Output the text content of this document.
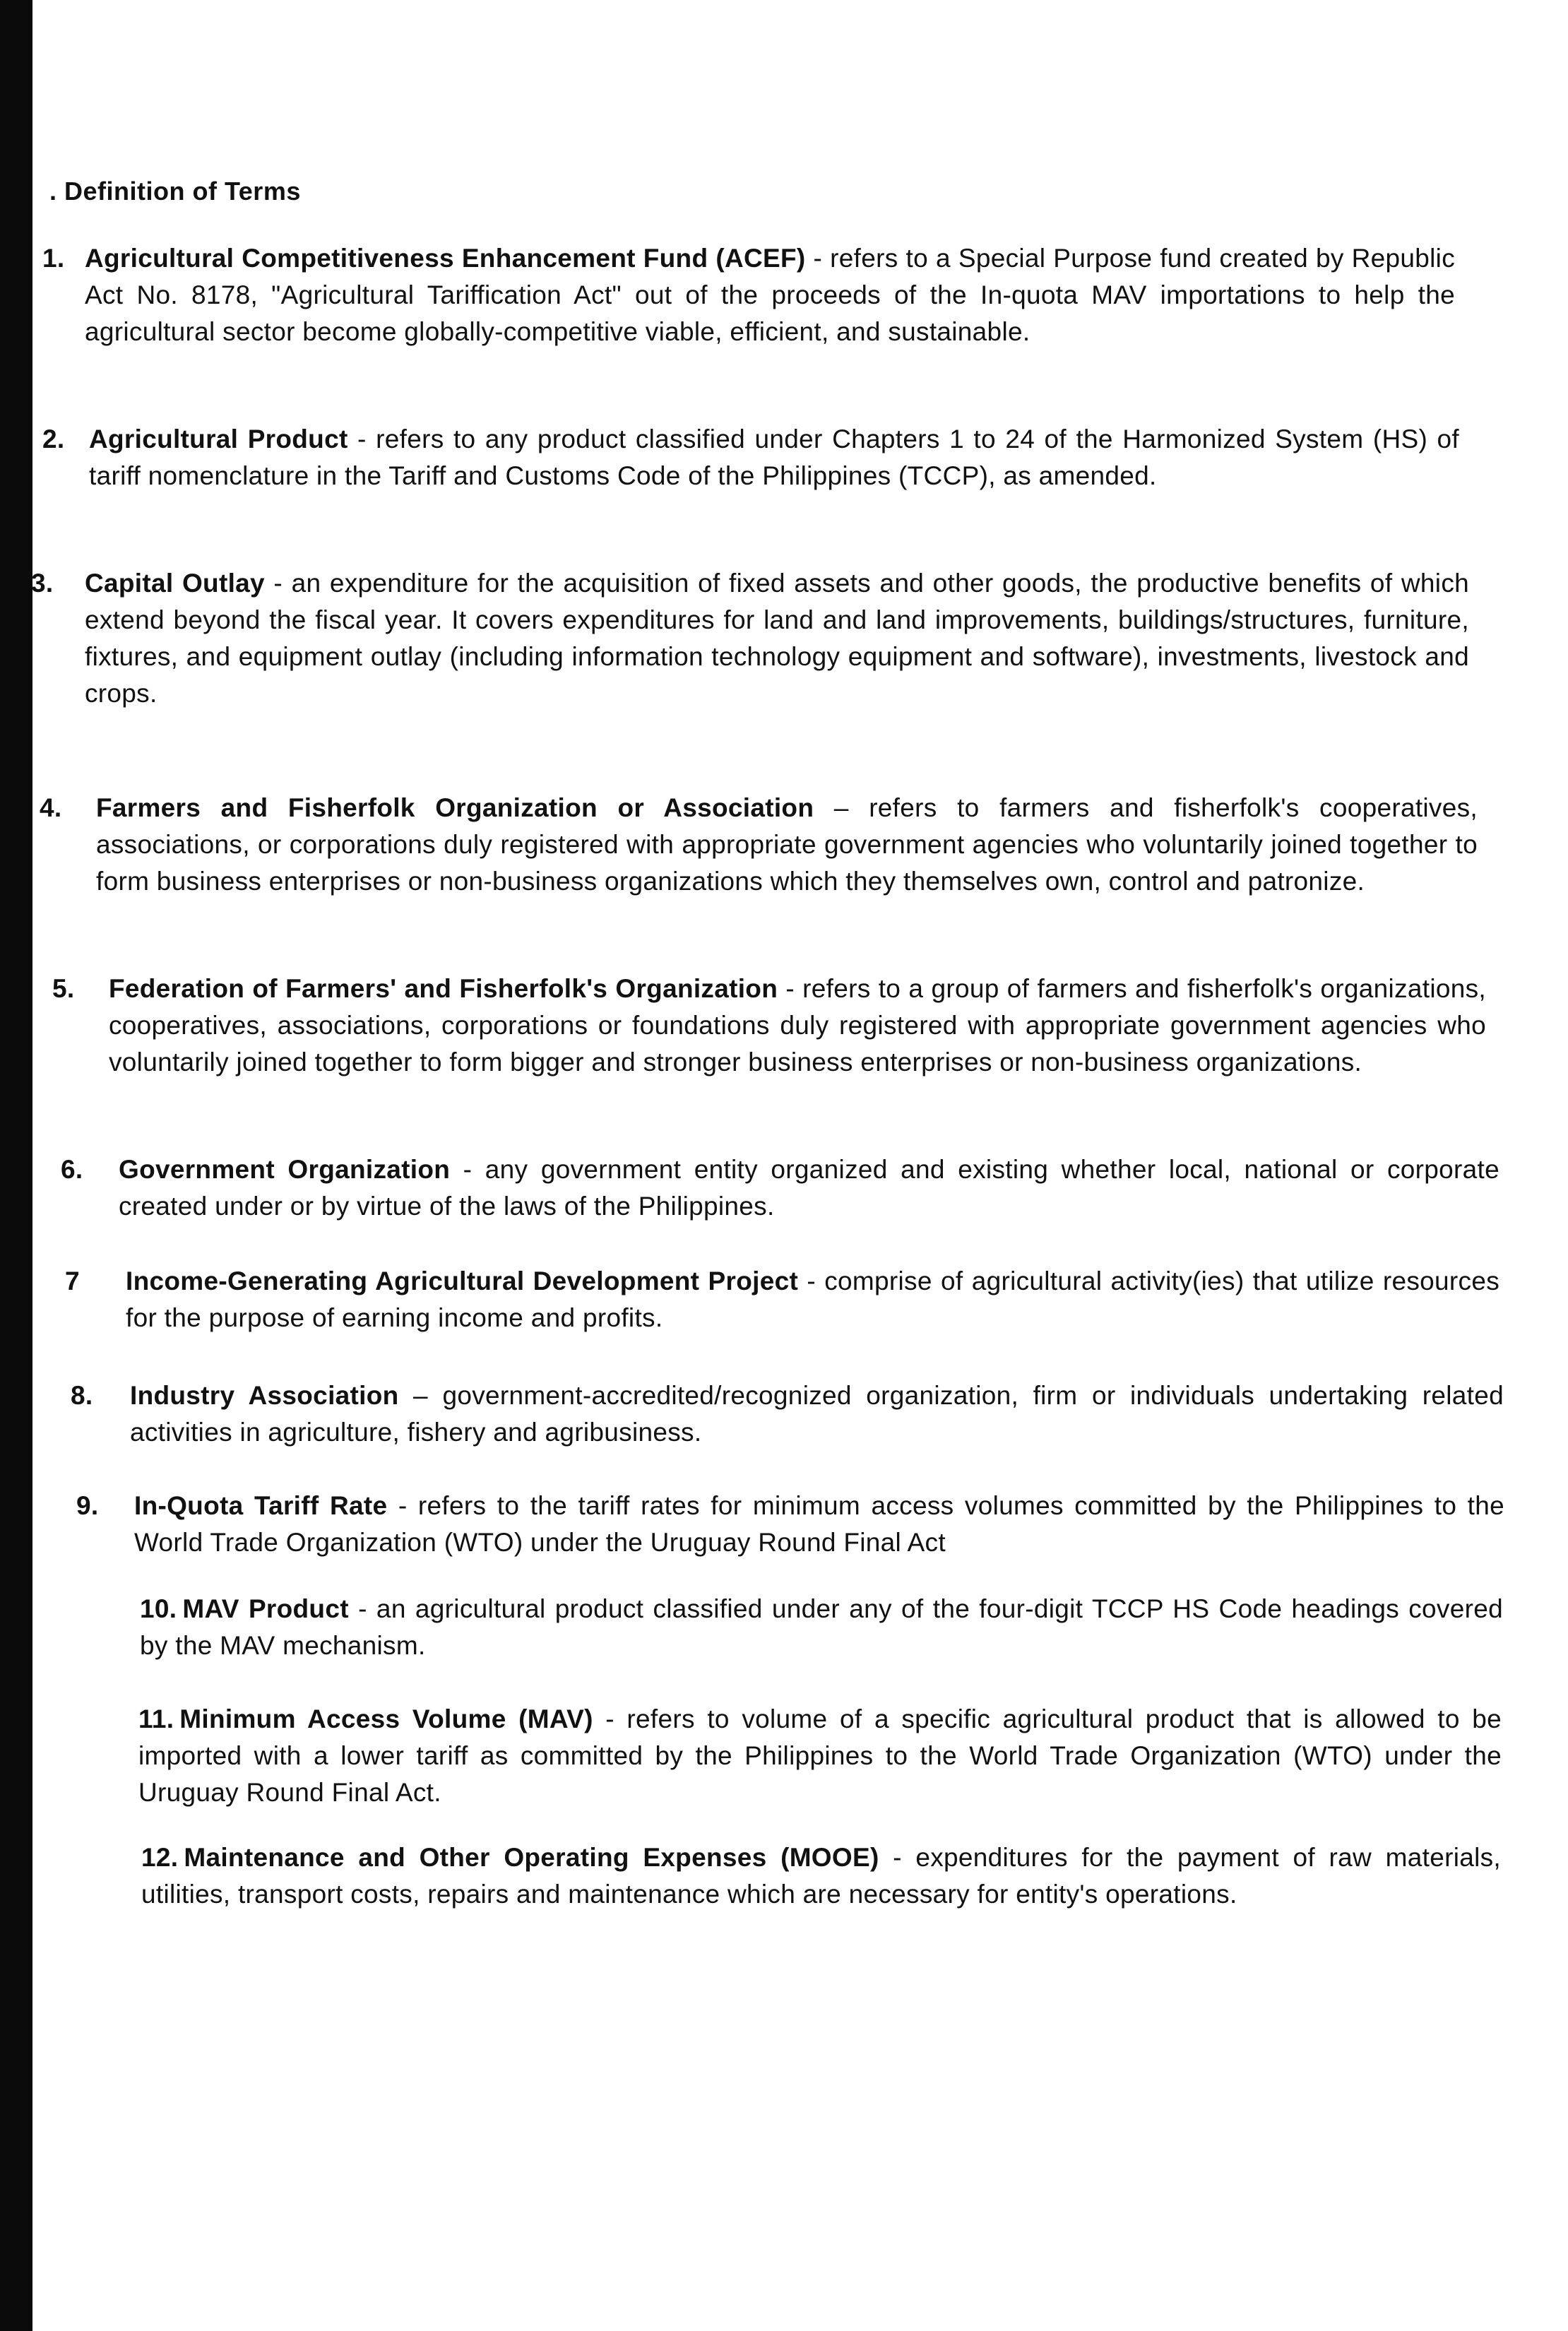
. Definition of Terms
1. Agricultural Competitiveness Enhancement Fund (ACEF) - refers to a Special Purpose fund created by Republic Act No. 8178, "Agricultural Tariffication Act" out of the proceeds of the In-quota MAV importations to help the agricultural sector become globally-competitive viable, efficient, and sustainable.
2. Agricultural Product - refers to any product classified under Chapters 1 to 24 of the Harmonized System (HS) of tariff nomenclature in the Tariff and Customs Code of the Philippines (TCCP), as amended.
3. Capital Outlay - an expenditure for the acquisition of fixed assets and other goods, the productive benefits of which extend beyond the fiscal year. It covers expenditures for land and land improvements, buildings/structures, furniture, fixtures, and equipment outlay (including information technology equipment and software), investments, livestock and crops.
4. Farmers and Fisherfolk Organization or Association – refers to farmers and fisherfolk's cooperatives, associations, or corporations duly registered with appropriate government agencies who voluntarily joined together to form business enterprises or non-business organizations which they themselves own, control and patronize.
5. Federation of Farmers' and Fisherfolk's Organization - refers to a group of farmers and fisherfolk's organizations, cooperatives, associations, corporations or foundations duly registered with appropriate government agencies who voluntarily joined together to form bigger and stronger business enterprises or non-business organizations.
6. Government Organization - any government entity organized and existing whether local, national or corporate created under or by virtue of the laws of the Philippines.
7 Income-Generating Agricultural Development Project - comprise of agricultural activity(ies) that utilize resources for the purpose of earning income and profits.
8. Industry Association – government-accredited/recognized organization, firm or individuals undertaking related activities in agriculture, fishery and agribusiness.
9. In-Quota Tariff Rate - refers to the tariff rates for minimum access volumes committed by the Philippines to the World Trade Organization (WTO) under the Uruguay Round Final Act
10. MAV Product - an agricultural product classified under any of the four-digit TCCP HS Code headings covered by the MAV mechanism.
11. Minimum Access Volume (MAV) - refers to volume of a specific agricultural product that is allowed to be imported with a lower tariff as committed by the Philippines to the World Trade Organization (WTO) under the Uruguay Round Final Act.
12. Maintenance and Other Operating Expenses (MOOE) - expenditures for the payment of raw materials, utilities, transport costs, repairs and maintenance which are necessary for entity's operations.
